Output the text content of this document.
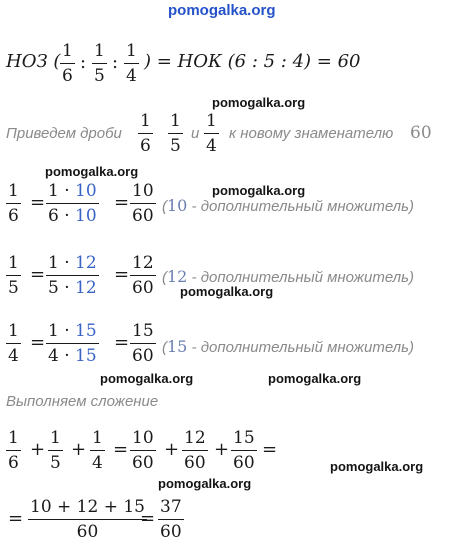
pomogalka.org
pomogalka.org
pomogalka.org
pomogalka.org
pomogalka.org
pomogalka.org	pomogalka.org
pomogalka.org
pomogalka.org
НОЗ ( 1
6
:
1
5
:
1
4
) = НОК (6 : 5 : 4) = 60
Приведем дроби
1
6
1
5
и
1
4
к новому знаменателю 60
1
6
=
1 · 10
6 · 10
=
10
60 (10 - дополнительный множитель)
1
5
=
1 · 12
5 · 12
=
12
60
(12 - дополнительный множитель)
1
4
=
1 · 15
4 · 15
=
15
60 (15 - дополнительный множитель)
Выполняем сложение
1
6
+
1
5
+
1
4
=
10
60
+
12
60
+
15
60
=
=
10 + 12 + 15
60
=
37
60
